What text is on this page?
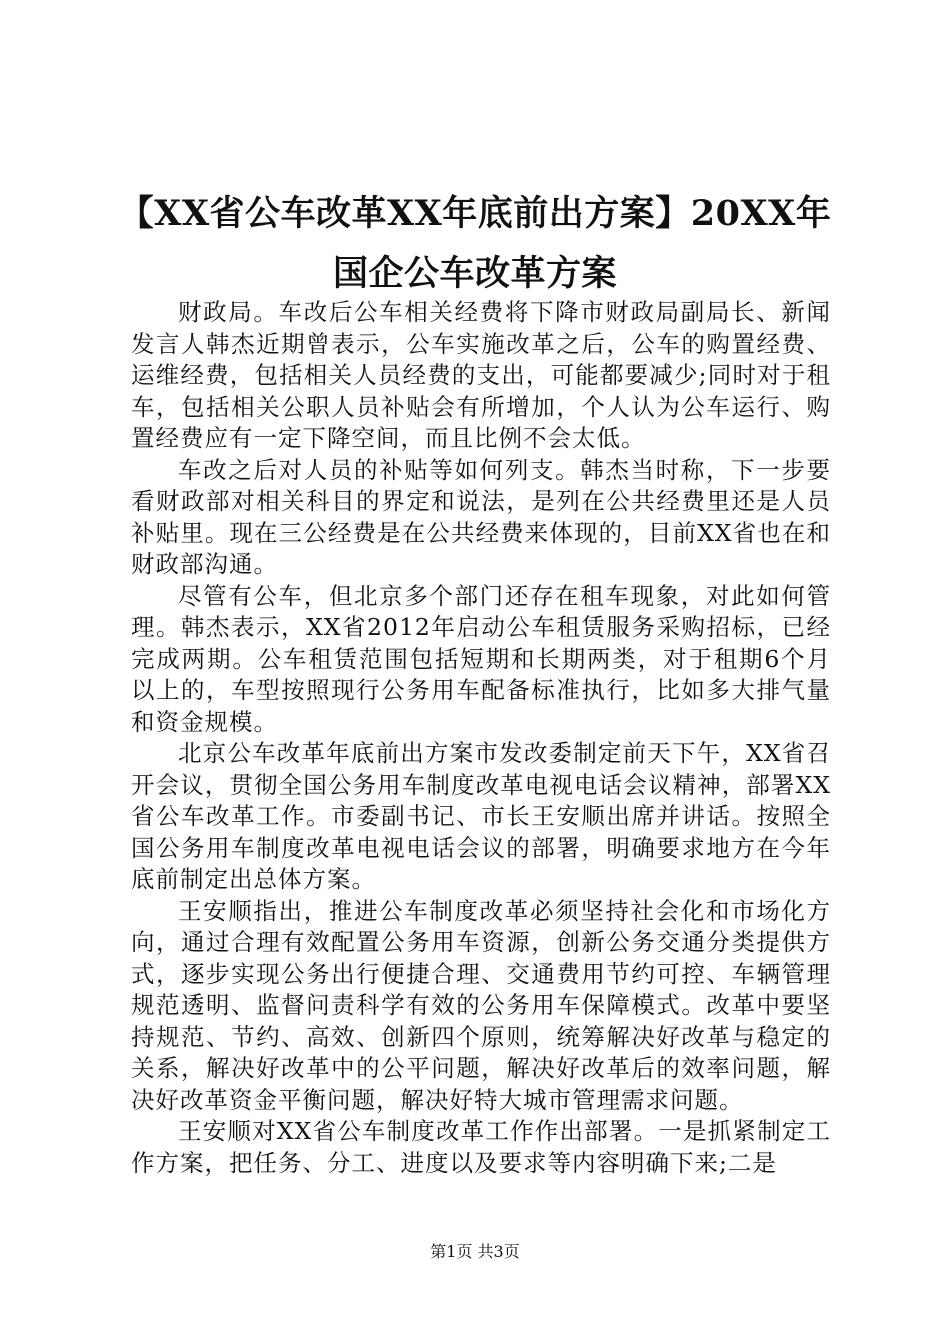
【XX省公车改革XX年底前出方案】20XX年国企公车改革方案

财政局。车改后公车相关经费将下降市财政局副局长、新闻发言人韩杰近期曾表示，公车实施改革之后，公车的购置经费、运维经费，包括相关人员经费的支出，可能都要减少;同时对于租车，包括相关公职人员补贴会有所增加，个人认为公车运行、购置经费应有一定下降空间，而且比例不会太低。

车改之后对人员的补贴等如何列支。韩杰当时称，下一步要看财政部对相关科目的界定和说法，是列在公共经费里还是人员补贴里。现在三公经费是在公共经费来体现的，目前XX省也在和财政部沟通。

尽管有公车，但北京多个部门还存在租车现象，对此如何管理。韩杰表示，XX省2012年启动公车租赁服务采购招标，已经完成两期。公车租赁范围包括短期和长期两类，对于租期6个月以上的，车型按照现行公务用车配备标准执行，比如多大排气量和资金规模。

北京公车改革年底前出方案市发改委制定前天下午，XX省召开会议，贯彻全国公务用车制度改革电视电话会议精神，部署XX省公车改革工作。市委副书记、市长王安顺出席并讲话。按照全国公务用车制度改革电视电话会议的部署，明确要求地方在今年底前制定出总体方案。

王安顺指出，推进公车制度改革必须坚持社会化和市场化方向，通过合理有效配置公务用车资源，创新公务交通分类提供方式，逐步实现公务出行便捷合理、交通费用节约可控、车辆管理规范透明、监督问责科学有效的公务用车保障模式。改革中要坚持规范、节约、高效、创新四个原则，统筹解决好改革与稳定的关系，解决好改革中的公平问题，解决好改革后的效率问题，解决好改革资金平衡问题，解决好特大城市管理需求问题。

王安顺对XX省公车制度改革工作作出部署。一是抓紧制定工作方案，把任务、分工、进度以及要求等内容明确下来;二是

第1页 共3页
